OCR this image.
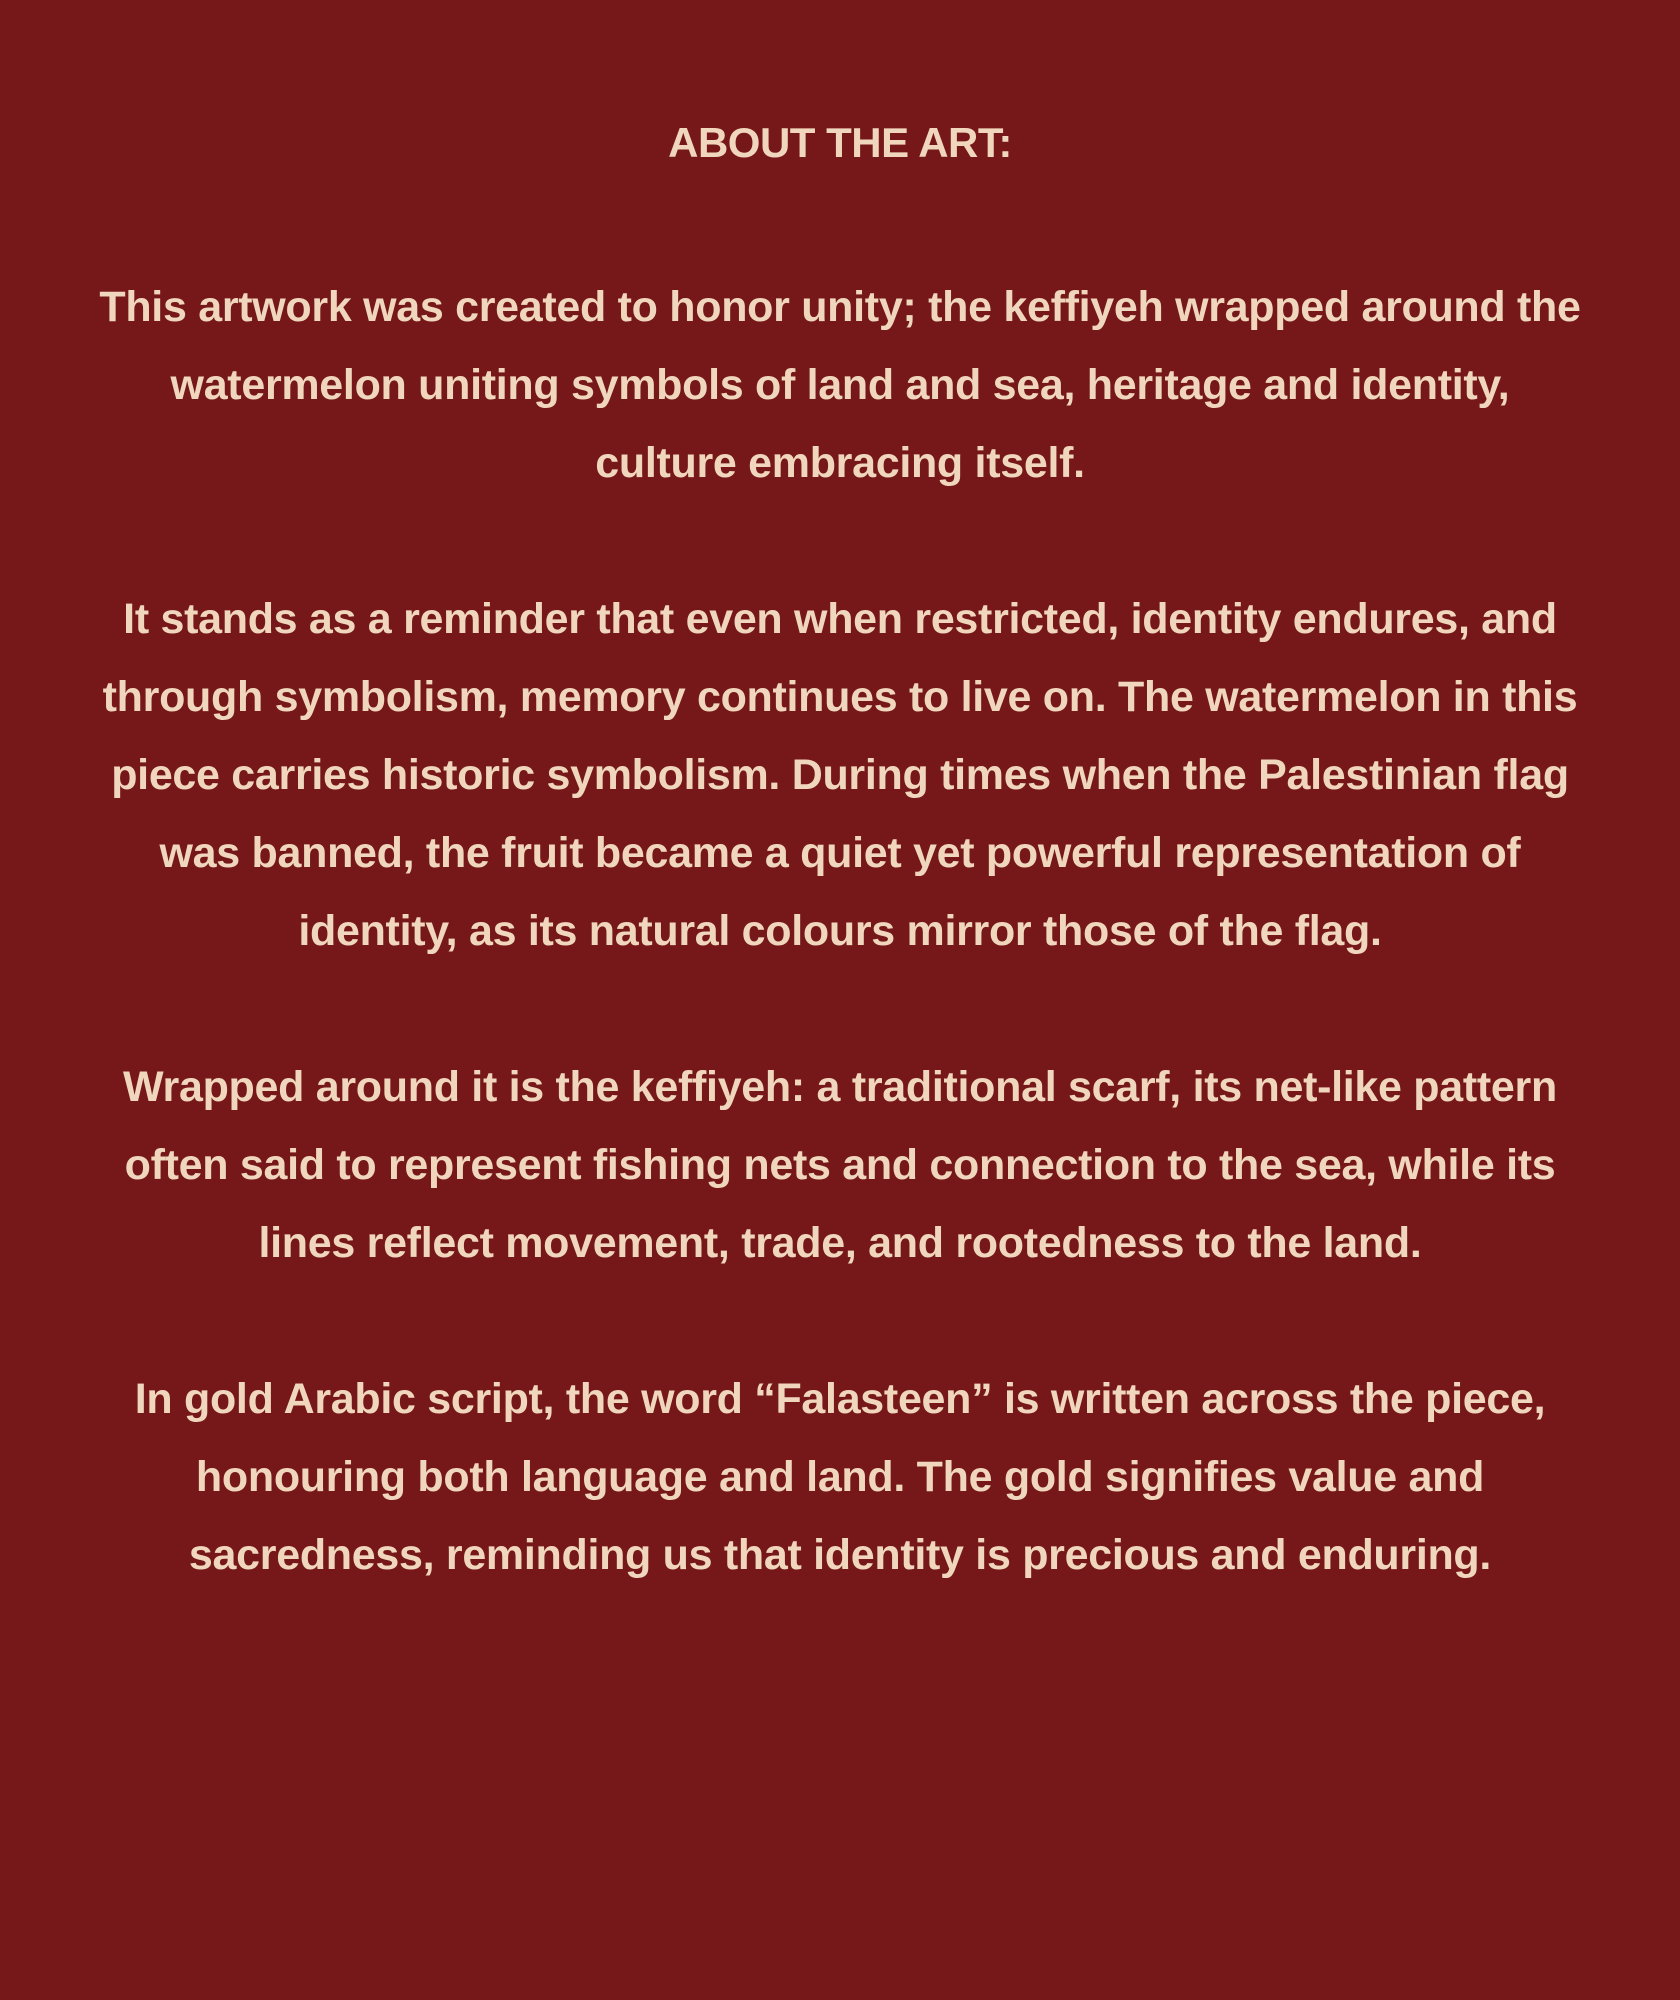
ABOUT THE ART:

This artwork was created to honor unity; the keffiyeh wrapped around the watermelon uniting symbols of land and sea, heritage and identity, culture embracing itself.

It stands as a reminder that even when restricted, identity endures, and through symbolism, memory continues to live on. The watermelon in this piece carries historic symbolism. During times when the Palestinian flag was banned, the fruit became a quiet yet powerful representation of identity, as its natural colours mirror those of the flag.

Wrapped around it is the keffiyeh: a traditional scarf, its net-like pattern often said to represent fishing nets and connection to the sea, while its lines reflect movement, trade, and rootedness to the land.

In gold Arabic script, the word “Falasteen” is written across the piece, honouring both language and land. The gold signifies value and sacredness, reminding us that identity is precious and enduring.
